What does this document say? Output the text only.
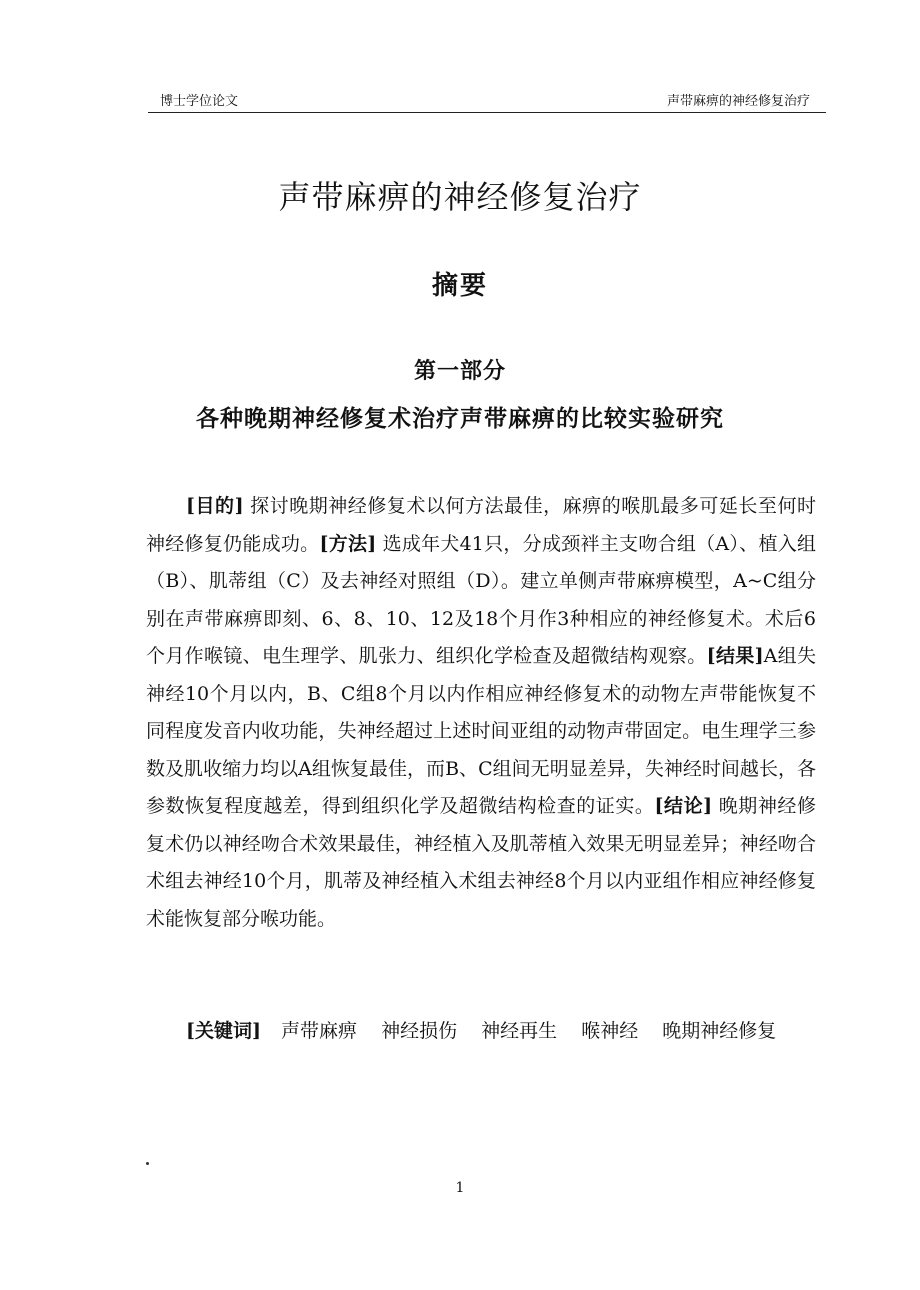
博士学位论文	声带麻痹的神经修复治疗
声带麻痹的神经修复治疗
摘要
第一部分
各种晚期神经修复术治疗声带麻痹的比较实验研究
[目的] 探讨晚期神经修复术以何方法最佳，麻痹的喉肌最多可延长至何时神经修复仍能成功。[方法] 选成年犬41只，分成颈袢主支吻合组（A）、植入组（B）、肌蒂组（C）及去神经对照组（D）。建立单侧声带麻痹模型，A~C组分别在声带麻痹即刻、6、8、10、12及18个月作3种相应的神经修复术。术后6个月作喉镜、电生理学、肌张力、组织化学检查及超微结构观察。[结果]A组失神经10个月以内，B、C组8个月以内作相应神经修复术的动物左声带能恢复不同程度发音内收功能，失神经超过上述时间亚组的动物声带固定。电生理学三参数及肌收缩力均以A组恢复最佳，而B、C组间无明显差异，失神经时间越长，各参数恢复程度越差，得到组织化学及超微结构检查的证实。[结论] 晚期神经修复术仍以神经吻合术效果最佳，神经植入及肌蒂植入效果无明显差异；神经吻合术组去神经10个月，肌蒂及神经植入术组去神经8个月以内亚组作相应神经修复术能恢复部分喉功能。
[关键词] 声带麻痹 神经损伤 神经再生 喉神经 晚期神经修复
1
